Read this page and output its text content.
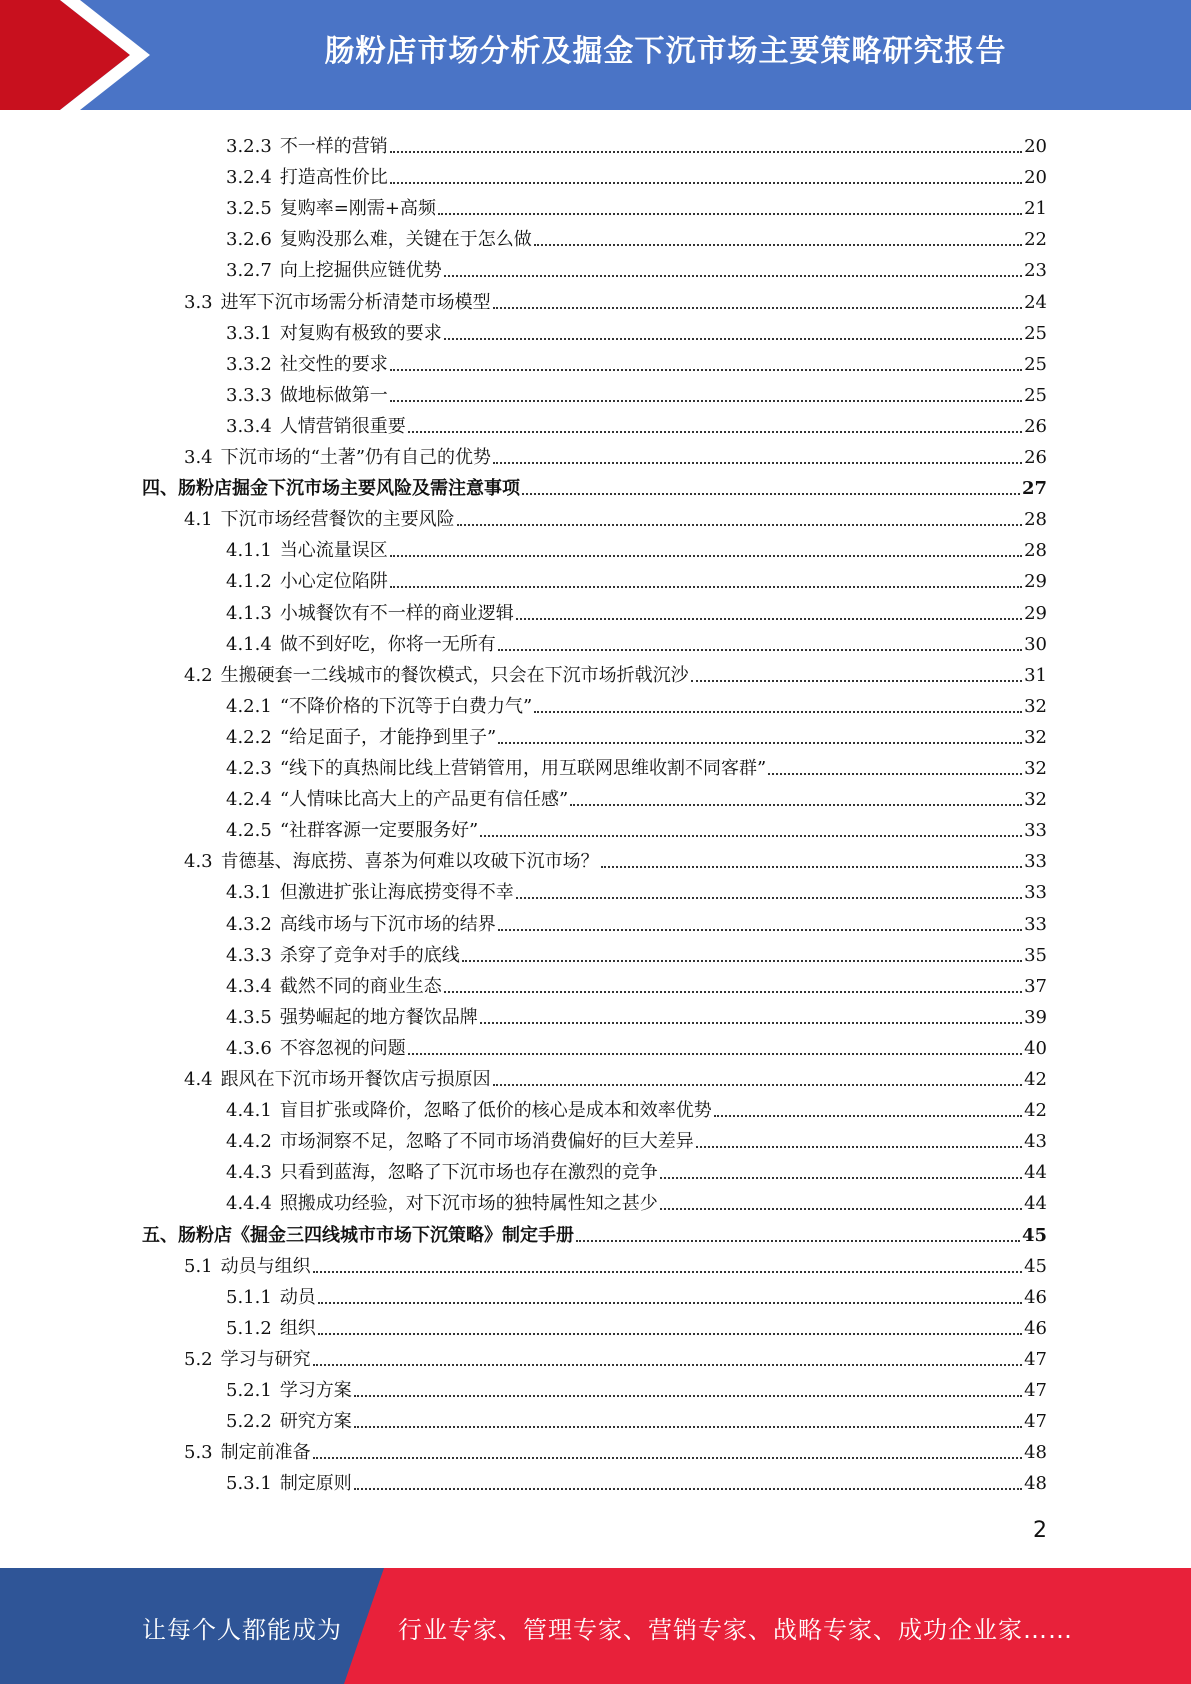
肠粉店市场分析及掘金下沉市场主要策略研究报告
3.2.3 不一样的营销	20
3.2.4 打造高性价比	20
3.2.5 复购率=刚需+高频	21
3.2.6 复购没那么难，关键在于怎么做	22
3.2.7 向上挖掘供应链优势	23
3.3 进军下沉市场需分析清楚市场模型	24
3.3.1 对复购有极致的要求	25
3.3.2 社交性的要求	25
3.3.3 做地标做第一	25
3.3.4 人情营销很重要	26
3.4 下沉市场的“土著”仍有自己的优势	26
四、肠粉店掘金下沉市场主要风险及需注意事项	27
4.1 下沉市场经营餐饮的主要风险	28
4.1.1 当心流量误区	28
4.1.2 小心定位陷阱	29
4.1.3 小城餐饮有不一样的商业逻辑	29
4.1.4 做不到好吃，你将一无所有	30
4.2 生搬硬套一二线城市的餐饮模式，只会在下沉市场折戟沉沙	31
4.2.1 “不降价格的下沉等于白费力气”	32
4.2.2 “给足面子，才能挣到里子”	32
4.2.3 “线下的真热闹比线上营销管用，用互联网思维收割不同客群”	32
4.2.4 “人情味比高大上的产品更有信任感”	32
4.2.5 “社群客源一定要服务好”	33
4.3 肯德基、海底捞、喜茶为何难以攻破下沉市场？	33
4.3.1 但激进扩张让海底捞变得不幸	33
4.3.2 高线市场与下沉市场的结界	33
4.3.3 杀穿了竞争对手的底线	35
4.3.4 截然不同的商业生态	37
4.3.5 强势崛起的地方餐饮品牌	39
4.3.6 不容忽视的问题	40
4.4 跟风在下沉市场开餐饮店亏损原因	42
4.4.1 盲目扩张或降价，忽略了低价的核心是成本和效率优势	42
4.4.2 市场洞察不足，忽略了不同市场消费偏好的巨大差异	43
4.4.3 只看到蓝海，忽略了下沉市场也存在激烈的竞争	44
4.4.4 照搬成功经验，对下沉市场的独特属性知之甚少	44
五、肠粉店《掘金三四线城市市场下沉策略》制定手册	45
5.1 动员与组织	45
5.1.1 动员	46
5.1.2 组织	46
5.2 学习与研究	47
5.2.1 学习方案	47
5.2.2 研究方案	47
5.3 制定前准备	48
5.3.1 制定原则	48
2
让每个人都能成为 行业专家、管理专家、营销专家、战略专家、成功企业家……
